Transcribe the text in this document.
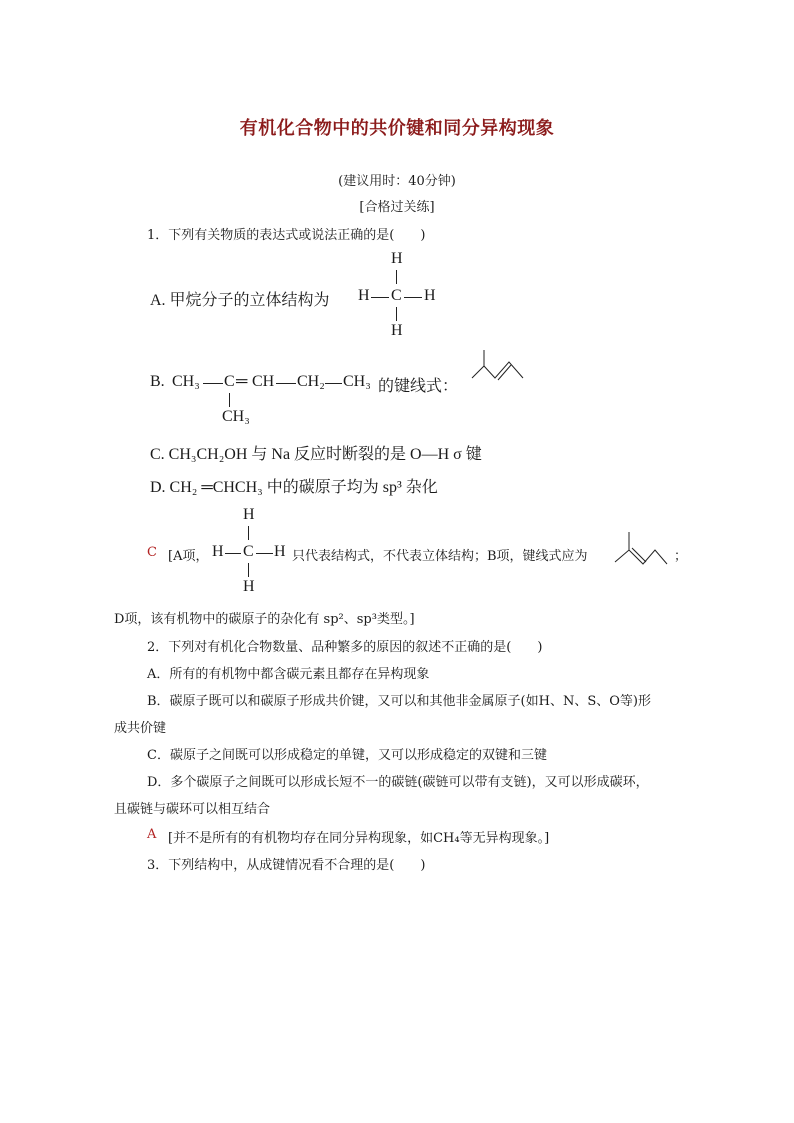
有机化合物中的共价键和同分异构现象
(建议用时：40分钟)
[合格过关练]
1．下列有关物质的表达式或说法正确的是(　　)
A. 甲烷分子的立体结构为
H
H C H
H
B. CH₃ C ═ CH CH₂ CH₃
CH₃
的键线式：
C. CH₃CH₂OH 与 Na 反应时断裂的是 O—H σ 键
D. CH₂ ═CHCH₃ 中的碳原子均为 sp³ 杂化
C [A项，
H
H C H
H
只代表结构式，不代表立体结构；B项，键线式应为	；
D项，该有机物中的碳原子的杂化有 sp²、sp³类型。]
2．下列对有机化合物数量、品种繁多的原因的叙述不正确的是(　　)
A．所有的有机物中都含碳元素且都存在异构现象
B．碳原子既可以和碳原子形成共价键，又可以和其他非金属原子(如H、N、S、O等)形
成共价键
C．碳原子之间既可以形成稳定的单键，又可以形成稳定的双键和三键
D．多个碳原子之间既可以形成长短不一的碳链(碳链可以带有支链)，又可以形成碳环，
且碳链与碳环可以相互结合
A [并不是所有的有机物均存在同分异构现象，如CH₄等无异构现象。]
3．下列结构中，从成键情况看不合理的是(　　)
